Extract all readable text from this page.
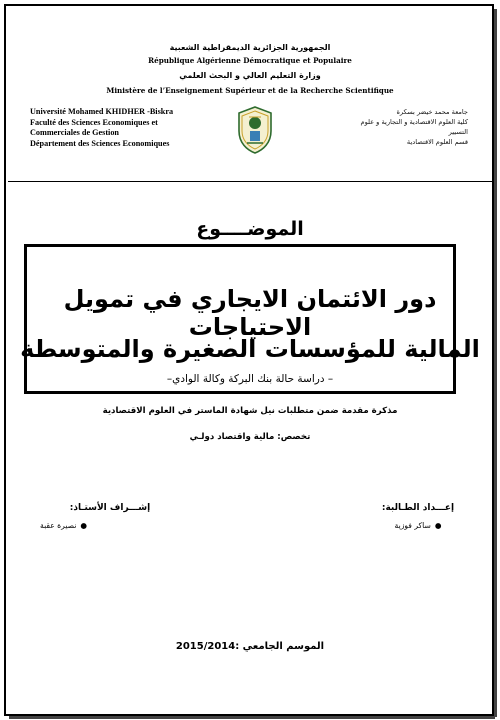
الجمهورية الجزائرية الديمقراطية الشعبية
République Algérienne Démocratique et Populaire
وزارة التعليم العالي و البحث العلمي
Ministère de l’Enseignement Supérieur et de la Recherche Scientifique
Université Mohamed KHIDHER -Biskra
Faculté des Sciences Economiques et
Commerciales de Gestion
Département des Sciences Economiques
جامعة محمد خيضر بسكرة
كلية العلوم الاقتصادية و التجارية و علوم
التسيير
قسم العلوم الاقتصادية
الموضــــوع
دور الائتمان الايجاري في تمويل الاحتياجات
المالية للمؤسسات الصغيرة والمتوسطة
– دراسة حالة بنك البركة وكالة الوادي–
مذكرة مقدمة ضمن متطلبات نيل شهادة الماستر في العلوم الاقتصادية
تخصص: مالية واقتصاد دولـي
إشـــراف الأستـاذ:
●نصيرة عقبة
إعـــداد الطـالبة:
●ساكر فوزية
الموسم الجامعي :2015/2014
